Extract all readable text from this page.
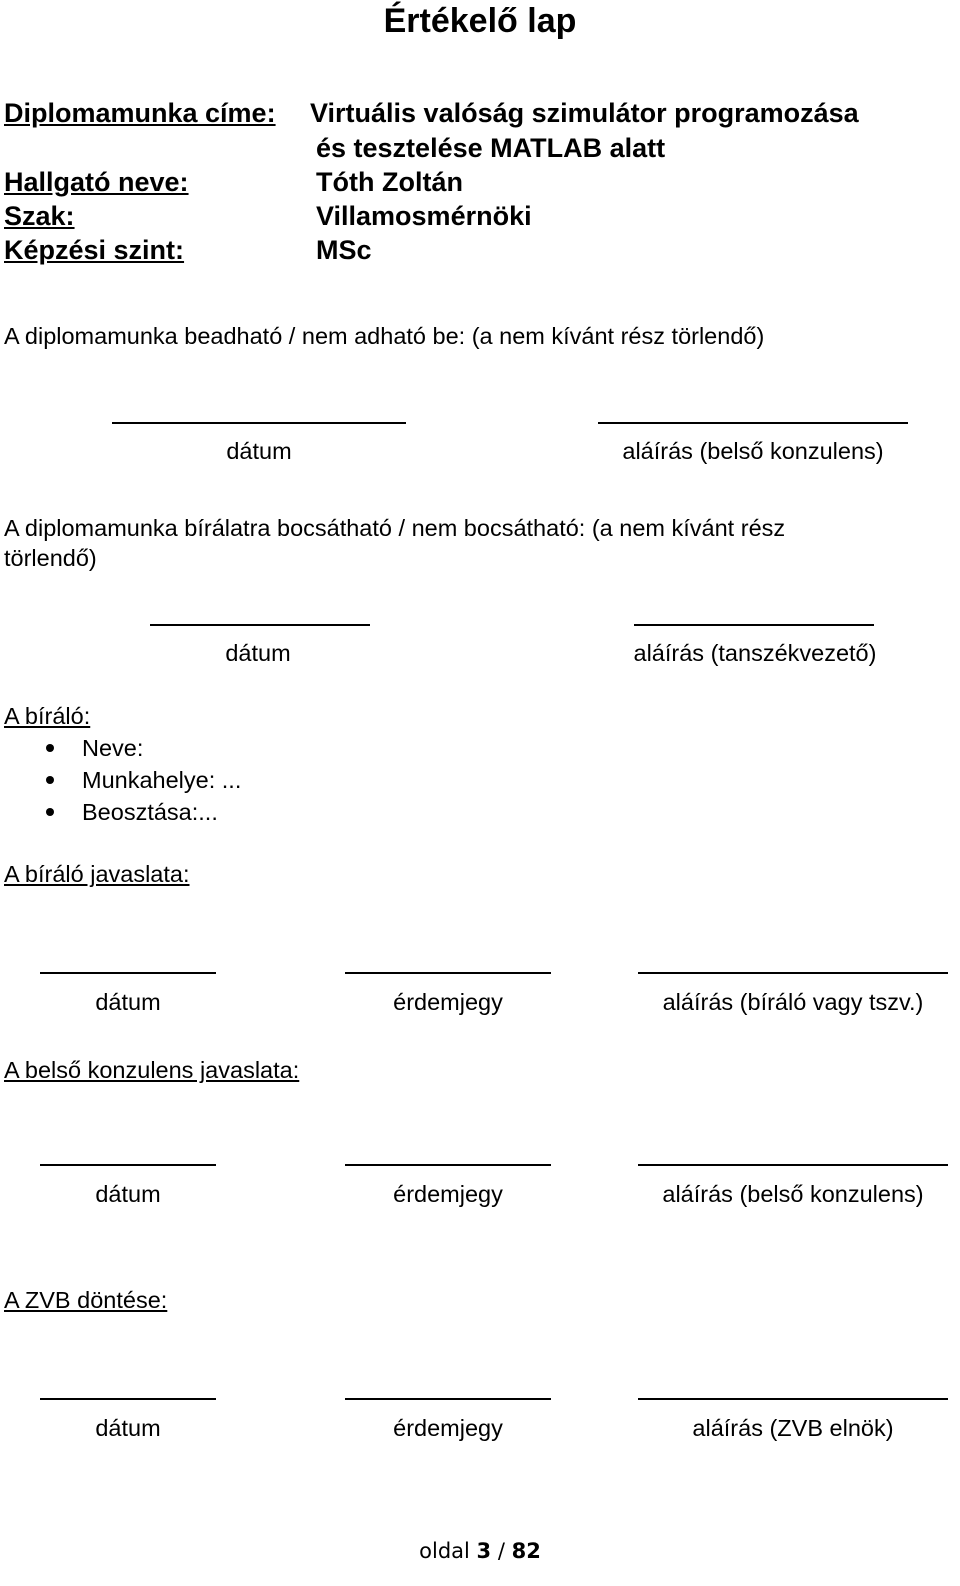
Értékelő lap
Diplomamunka címe: Virtuális valóság szimulátor programozása
és tesztelése MATLAB alatt
Hallgató neve:	Tóth Zoltán
Szak:	Villamosmérnöki
Képzési szint:	MSc
A diplomamunka beadható / nem adható be: (a nem kívánt rész törlendő)
dátum	aláírás (belső konzulens)
A diplomamunka bírálatra bocsátható / nem bocsátható: (a nem kívánt rész
törlendő)
dátum	aláírás (tanszékvezető)
A bíráló:
Neve:
Munkahelye: ...
Beosztása:...
A bíráló javaslata:
dátum	érdemjegy	aláírás (bíráló vagy tszv.)
A belső konzulens javaslata:
dátum	érdemjegy	aláírás (belső konzulens)
A ZVB döntése:
dátum	érdemjegy	aláírás (ZVB elnök)
oldal 3 / 82
